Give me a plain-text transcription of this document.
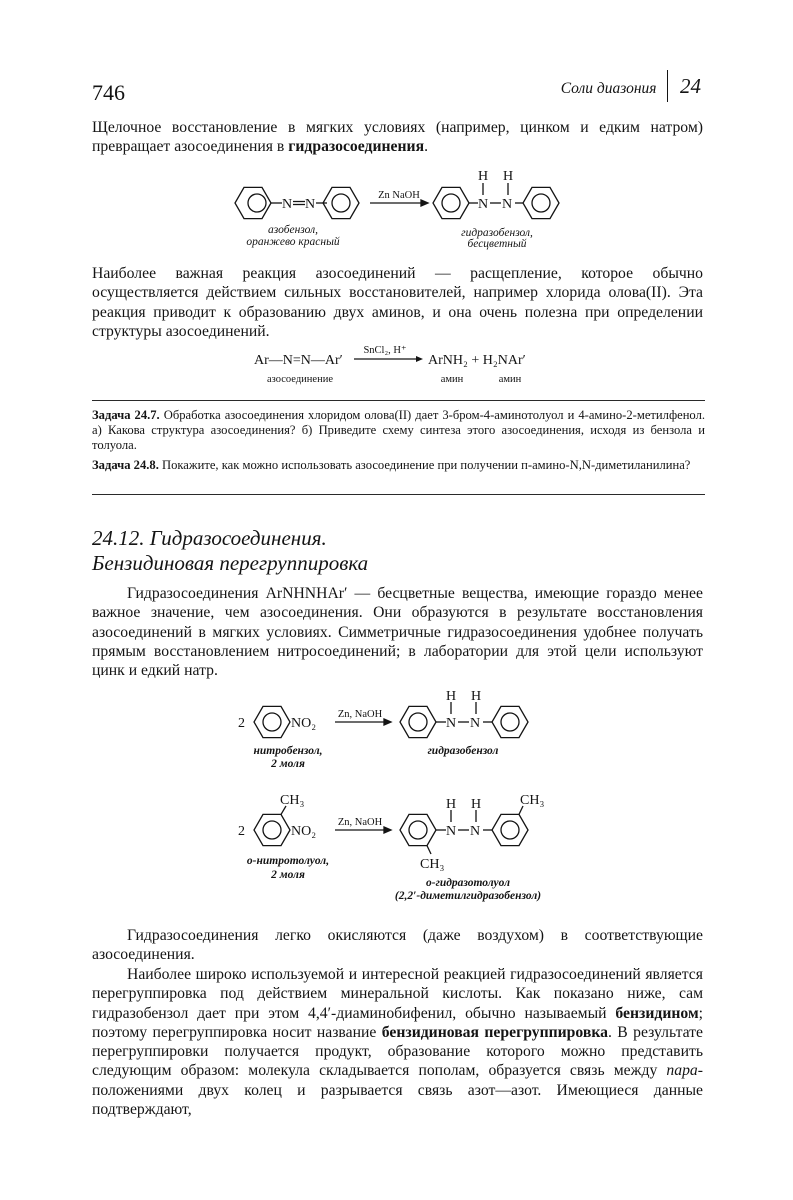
746	Соли диазония	24

Щелочное восстановление в мягких условиях (например, цинком и едким натром) превращает азосоединения в гидразосоединения.

N N	N N
H H
Zn NaOH
азобензол,
оранжево красный
гидразобензол,
бесцветный

Наиболее важная реакция азосоединений — расщепление, которое обычно осуществляется действием сильных восстановителей, например хлорида олова(II). Эта реакция приводит к образованию двух аминов, и она очень полезна при определении структуры азосоединений.

Ar—N=N—Ar′
SnCl₂, H⁺
ArNH₂ + H₂NAr′
азосоединение	амин	амин

Задача 24.7. Обработка азосоединения хлоридом олова(II) дает 3-бром-4-аминотолуол и 4-амино-2-метилфенол. а) Какова структура азосоединения? б) Приведите схему синтеза этого азосоединения, исходя из бензола и толуола.

Задача 24.8. Покажите, как можно использовать азосоединение при получении п-амино-N,N-диметиланилина?

24.12. Гидразосоединения.
Бензидиновая перегруппировка

Гидразосоединения ArNHNHAr′ — бесцветные вещества, имеющие гораздо менее важное значение, чем азосоединения. Они образуются в результате восстановления азосоединений в мягких условиях. Симметричные гидразосоединения удобнее получать прямым восстановлением нитросоединений; в лаборатории для этой цели используют цинк и едкий натр.

2	NO₂
Zn, NaOH
N N
H H
нитробензол,
2 моля
гидразобензол
2
CH₃
NO₂
Zn, NaOH
N N
H H	CH₃
CH₃
о-нитротолуол,
2 моля
о-гидразотолуол
(2,2′-диметилгидразобензол)

Гидразосоединения легко окисляются (даже воздухом) в соответствующие азосоединения.

Наиболее широко используемой и интересной реакцией гидразосоединений является перегруппировка под действием минеральной кислоты. Как показано ниже, сам гидразобензол дает при этом 4,4′-диаминобифенил, обычно называемый бензидином; поэтому перегруппировка носит название бензидиновая перегруппировка. В результате перегруппировки получается продукт, образование которого можно представить следующим образом: молекула складывается пополам, образуется связь между пара-положениями двух колец и разрывается связь азот—азот. Имеющиеся данные подтверждают,
